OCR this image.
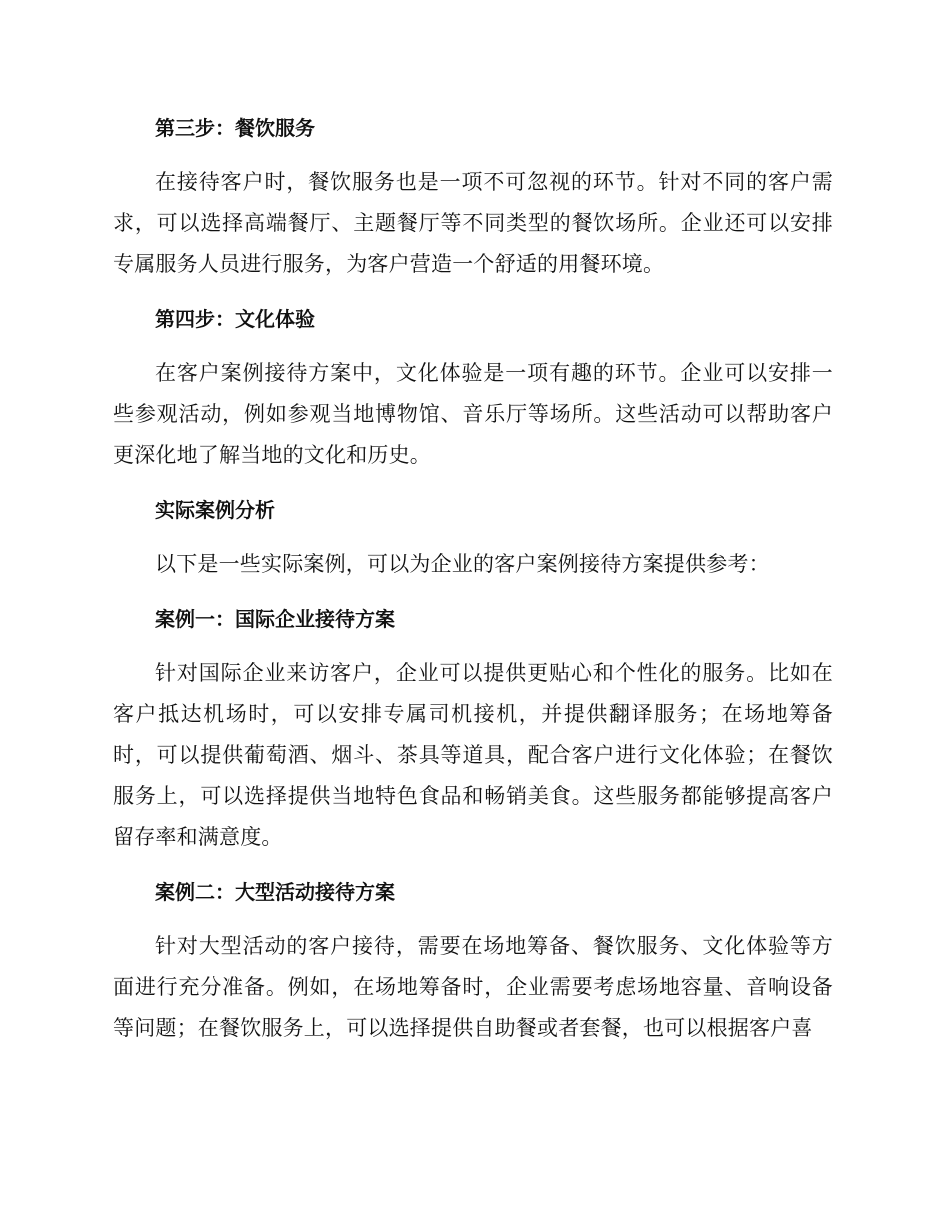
第三步：餐饮服务

在接待客户时，餐饮服务也是一项不可忽视的环节。针对不同的客户需求，可以选择高端餐厅、主题餐厅等不同类型的餐饮场所。企业还可以安排专属服务人员进行服务，为客户营造一个舒适的用餐环境。

第四步：文化体验

在客户案例接待方案中，文化体验是一项有趣的环节。企业可以安排一些参观活动，例如参观当地博物馆、音乐厅等场所。这些活动可以帮助客户更深化地了解当地的文化和历史。

实际案例分析

以下是一些实际案例，可以为企业的客户案例接待方案提供参考：

案例一：国际企业接待方案

针对国际企业来访客户，企业可以提供更贴心和个性化的服务。比如在客户抵达机场时，可以安排专属司机接机，并提供翻译服务；在场地筹备时，可以提供葡萄酒、烟斗、茶具等道具，配合客户进行文化体验；在餐饮服务上，可以选择提供当地特色食品和畅销美食。这些服务都能够提高客户留存率和满意度。

案例二：大型活动接待方案

针对大型活动的客户接待，需要在场地筹备、餐饮服务、文化体验等方面进行充分准备。例如，在场地筹备时，企业需要考虑场地容量、音响设备等问题；在餐饮服务上，可以选择提供自助餐或者套餐，也可以根据客户喜
